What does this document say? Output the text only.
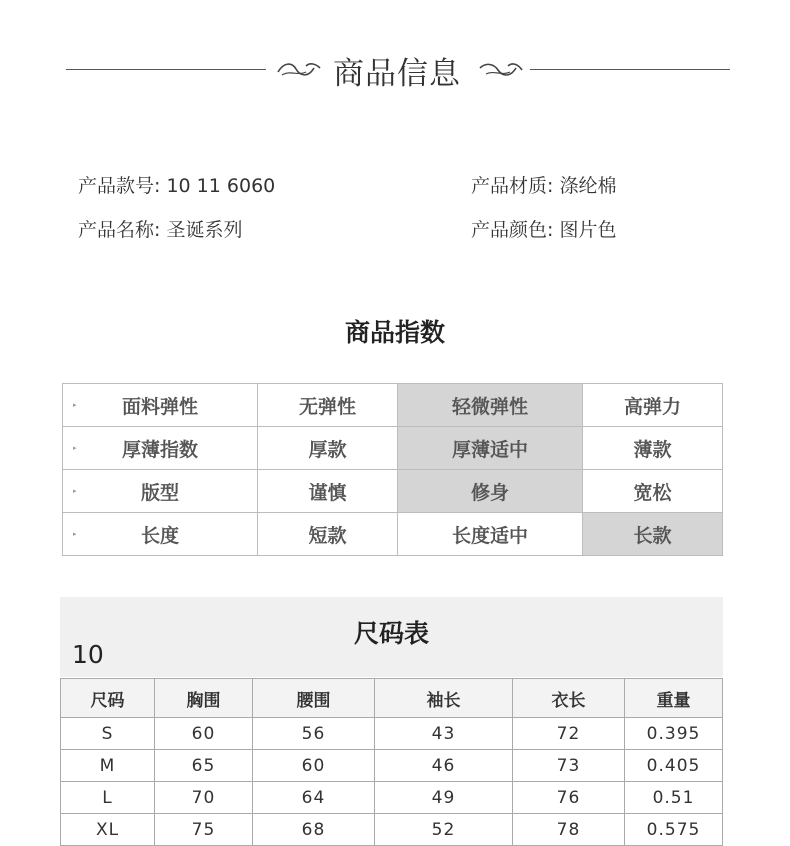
商品信息
产品款号: 10 11 6060	产品材质: 涤纶棉
产品名称: 圣诞系列	产品颜色: 图片色
商品指数
▸ 面料弹性	无弹性	轻微弹性	高弹力

▸ 厚薄指数	厚款	厚薄适中	薄款

▸ 版型	谨慎	修身	宽松

▸ 长度	短款	长度适中	长款
尺码表
10
尺码	胸围	腰围	袖长	衣长	重量
S	60	56	43	72	0.395
M	65	60	46	73	0.405
L	70	64	49	76	0.51
XL	75	68	52	78	0.575
